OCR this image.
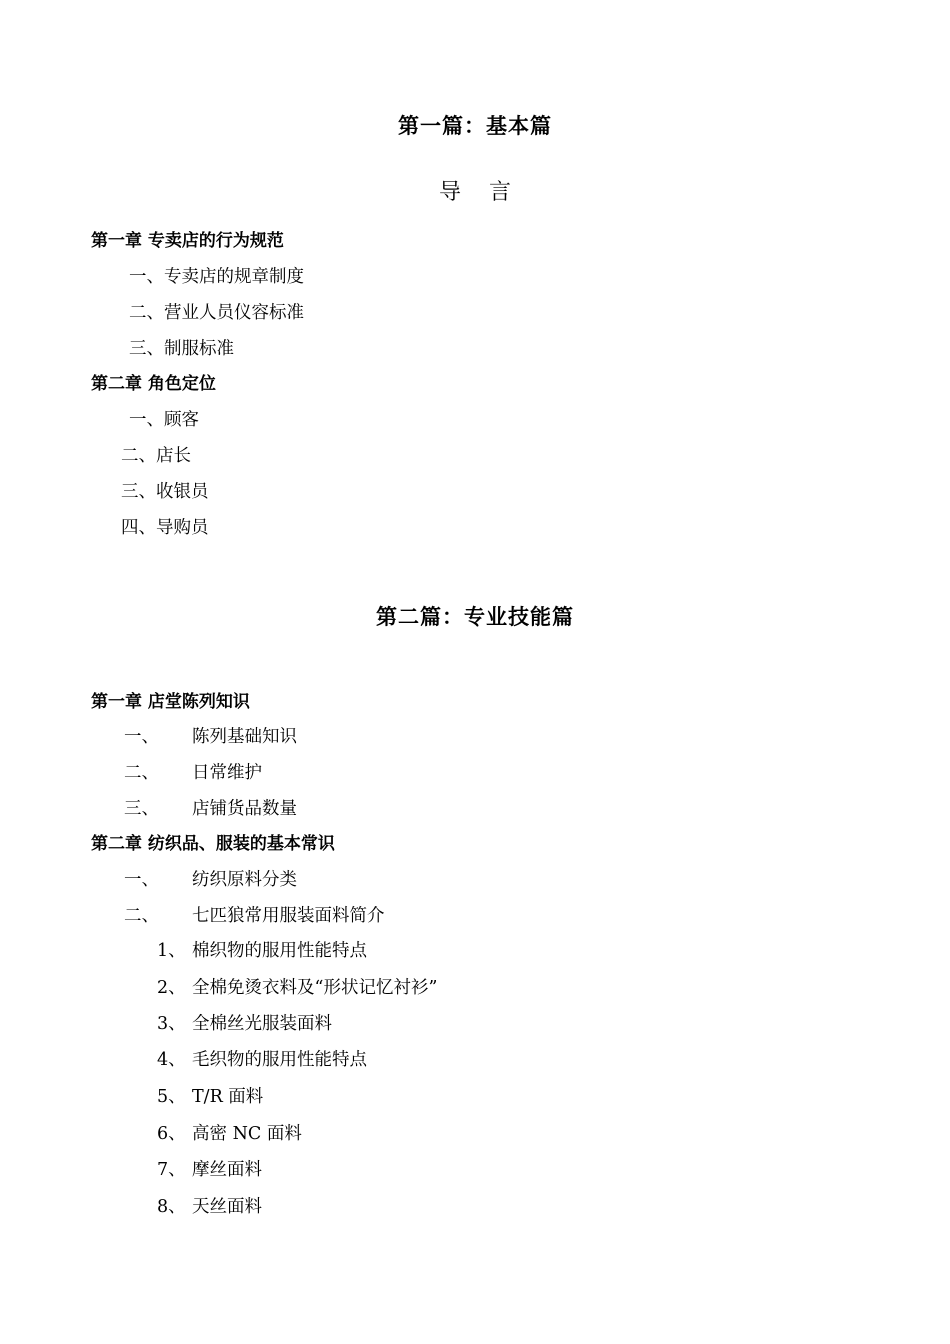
第一篇：基本篇
导言
第一章 专卖店的行为规范
一、专卖店的规章制度
二、营业人员仪容标准
三、制服标准
第二章 角色定位
一、顾客
二、店长
三、收银员
四、导购员
第二篇：专业技能篇
第一章 店堂陈列知识
一、 陈列基础知识
二、 日常维护
三、 店铺货品数量
第二章 纺织品、服装的基本常识
一、 纺织原料分类
二、 七匹狼常用服装面料简介
1、 棉织物的服用性能特点
2、 全棉免烫衣料及“形状记忆衬衫”
3、 全棉丝光服装面料
4、 毛织物的服用性能特点
5、 T/R 面料
6、 高密 NC 面料
7、 摩丝面料
8、 天丝面料
